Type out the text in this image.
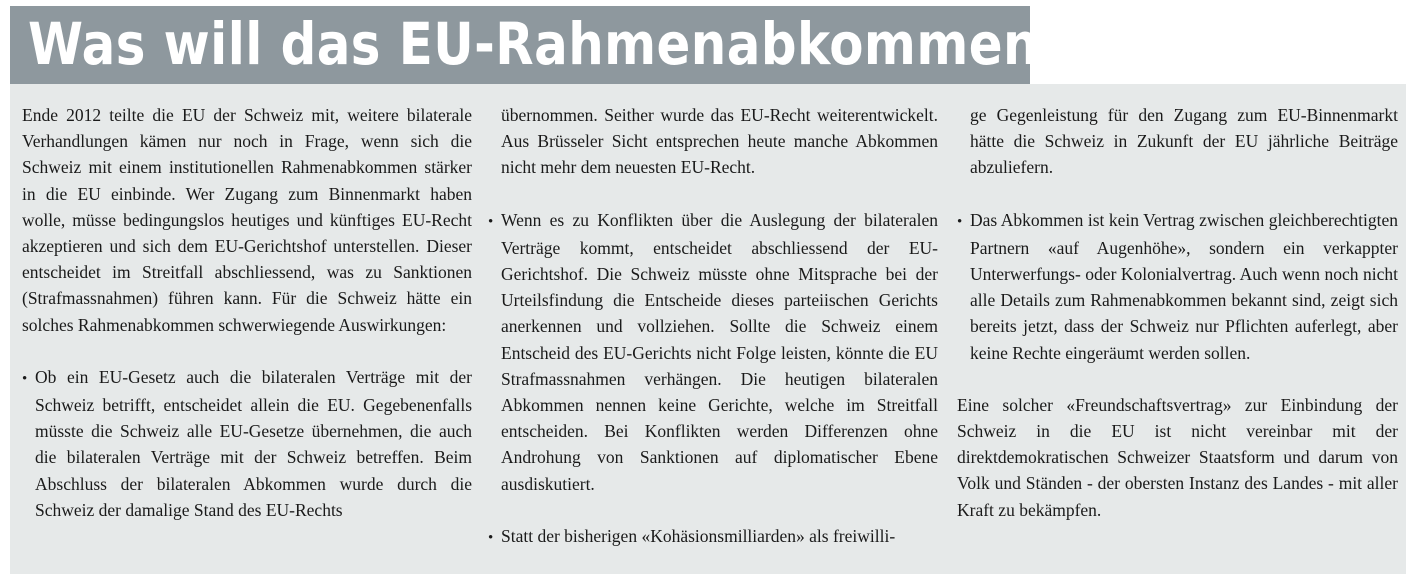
Was will das EU-Rahmenabkommen?

Ende 2012 teilte die EU der Schweiz mit, weitere bilaterale Verhandlungen kämen nur noch in Frage, wenn sich die Schweiz mit einem institutionellen Rahmenabkommen stärker in die EU einbinde. Wer Zugang zum Binnenmarkt haben wolle, müsse bedingungslos heutiges und künftiges EU-Recht akzeptieren und sich dem EU-Gerichtshof unterstellen. Dieser entscheidet im Streitfall abschliessend, was zu Sanktionen (Strafmassnahmen) führen kann. Für die Schweiz hätte ein solches Rahmenabkommen schwerwiegende Auswirkungen:

• Ob ein EU-Gesetz auch die bilateralen Verträge mit der Schweiz betrifft, entscheidet allein die EU. Gegebenenfalls müsste die Schweiz alle EU-Gesetze übernehmen, die auch die bilateralen Verträge mit der Schweiz betreffen. Beim Abschluss der bilateralen Abkommen wurde durch die Schweiz der damalige Stand des EU-Rechts

übernommen. Seither wurde das EU-Recht weiterentwickelt. Aus Brüsseler Sicht entsprechen heute manche Abkommen nicht mehr dem neuesten EU-Recht.

• Wenn es zu Konflikten über die Auslegung der bilateralen Verträge kommt, entscheidet abschliessend der EU-Gerichtshof. Die Schweiz müsste ohne Mitsprache bei der Urteilsfindung die Entscheide dieses parteiischen Gerichts anerkennen und vollziehen. Sollte die Schweiz einem Entscheid des EU-Gerichts nicht Folge leisten, könnte die EU Strafmassnahmen verhängen. Die heutigen bilateralen Abkommen nennen keine Gerichte, welche im Streitfall entscheiden. Bei Konflikten werden Differenzen ohne Androhung von Sanktionen auf diplomatischer Ebene ausdiskutiert.

• Statt der bisherigen «Kohäsionsmilliarden» als freiwilli-

ge Gegenleistung für den Zugang zum EU-Binnenmarkt hätte die Schweiz in Zukunft der EU jährliche Beiträge abzuliefern.

• Das Abkommen ist kein Vertrag zwischen gleichberechtigten Partnern «auf Augenhöhe», sondern ein verkappter Unterwerfungs- oder Kolonialvertrag. Auch wenn noch nicht alle Details zum Rahmenabkommen bekannt sind, zeigt sich bereits jetzt, dass der Schweiz nur Pflichten auferlegt, aber keine Rechte eingeräumt werden sollen.

Eine solcher «Freundschaftsvertrag» zur Einbindung der Schweiz in die EU ist nicht vereinbar mit der direktdemokratischen Schweizer Staatsform und darum von Volk und Ständen - der obersten Instanz des Landes - mit aller Kraft zu bekämpfen.
